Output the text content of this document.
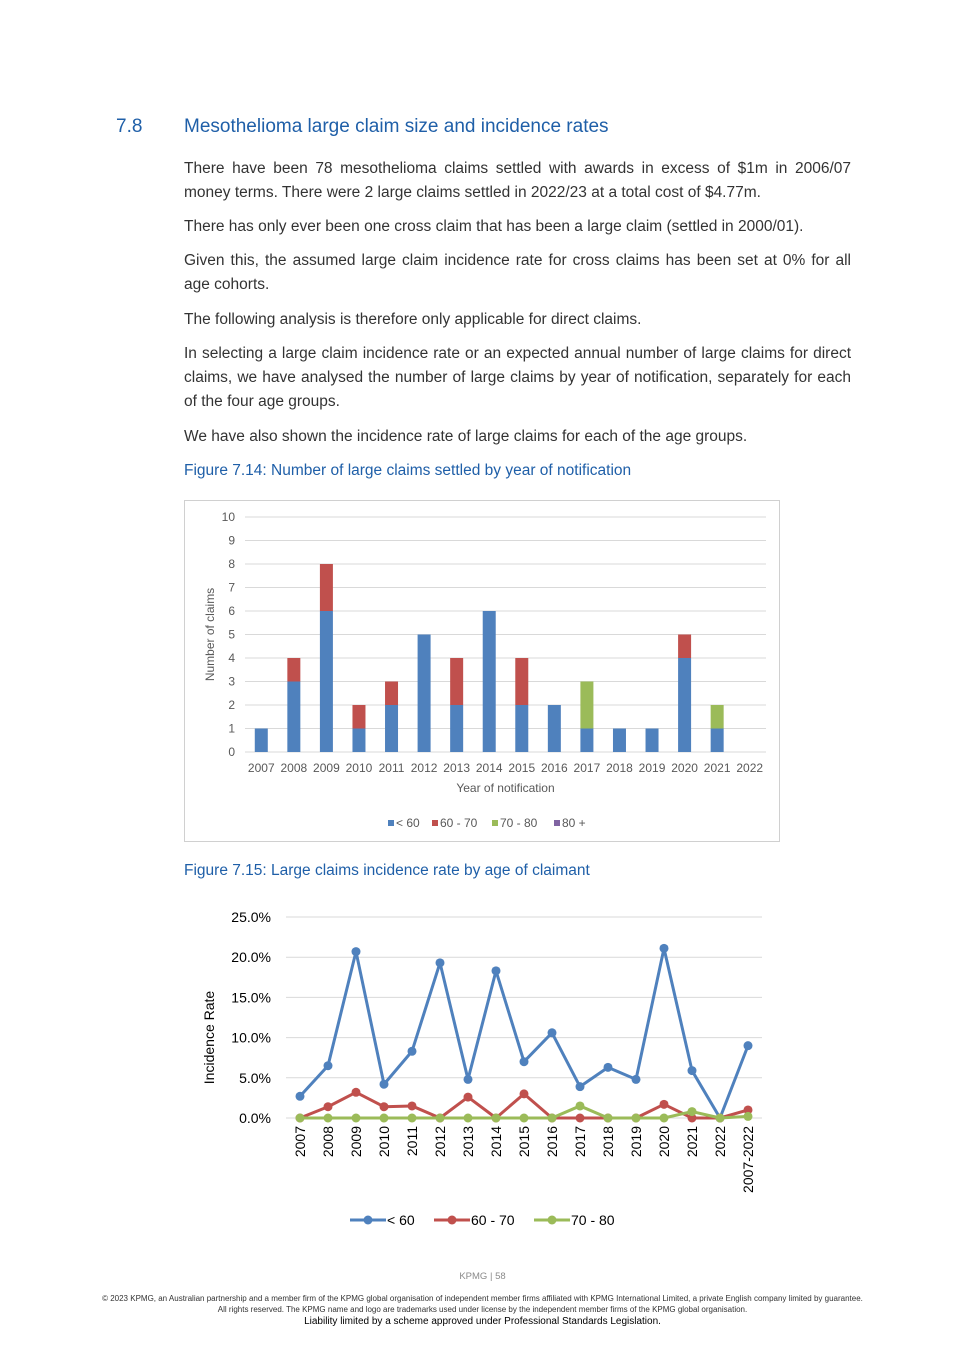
7.8 Mesothelioma large claim size and incidence rates

There have been 78 mesothelioma claims settled with awards in excess of $1m in 2006/07 money terms. There were 2 large claims settled in 2022/23 at a total cost of $4.77m.

There has only ever been one cross claim that has been a large claim (settled in 2000/01).

Given this, the assumed large claim incidence rate for cross claims has been set at 0% for all age cohorts.

The following analysis is therefore only applicable for direct claims.

In selecting a large claim incidence rate or an expected annual number of large claims for direct claims, we have analysed the number of large claims by year of notification, separately for each of the four age groups.

We have also shown the incidence rate of large claims for each of the age groups.

Figure 7.14: Number of large claims settled by year of notification
0
1
2
3
4
5
6
7
8
9
10
2007 2008 2009 2010 2011 2012 2013 2014 2015 2016 2017 2018 2019 2020 2021 2022
Year of notification
Number of claims
< 60 60 - 70 70 - 80 80 +
Figure 7.15: Large claims incidence rate by age of claimant
0.0%
5.0%
10.0%
15.0%
20.0%
25.0%
2007 2008 2009 2010 2011 2012 2013 2014 2015 2016 2017 2018 2019 2020 2021 2022 2007-2022
Incidence Rate
< 60	60 - 70	70 - 80
KPMG | 58
© 2023 KPMG, an Australian partnership and a member firm of the KPMG global organisation of independent member firms affiliated with KPMG International Limited, a private English company limited by guarantee. All rights reserved. The KPMG name and logo are trademarks used under license by the independent member firms of the KPMG global organisation.
Liability limited by a scheme approved under Professional Standards Legislation.
